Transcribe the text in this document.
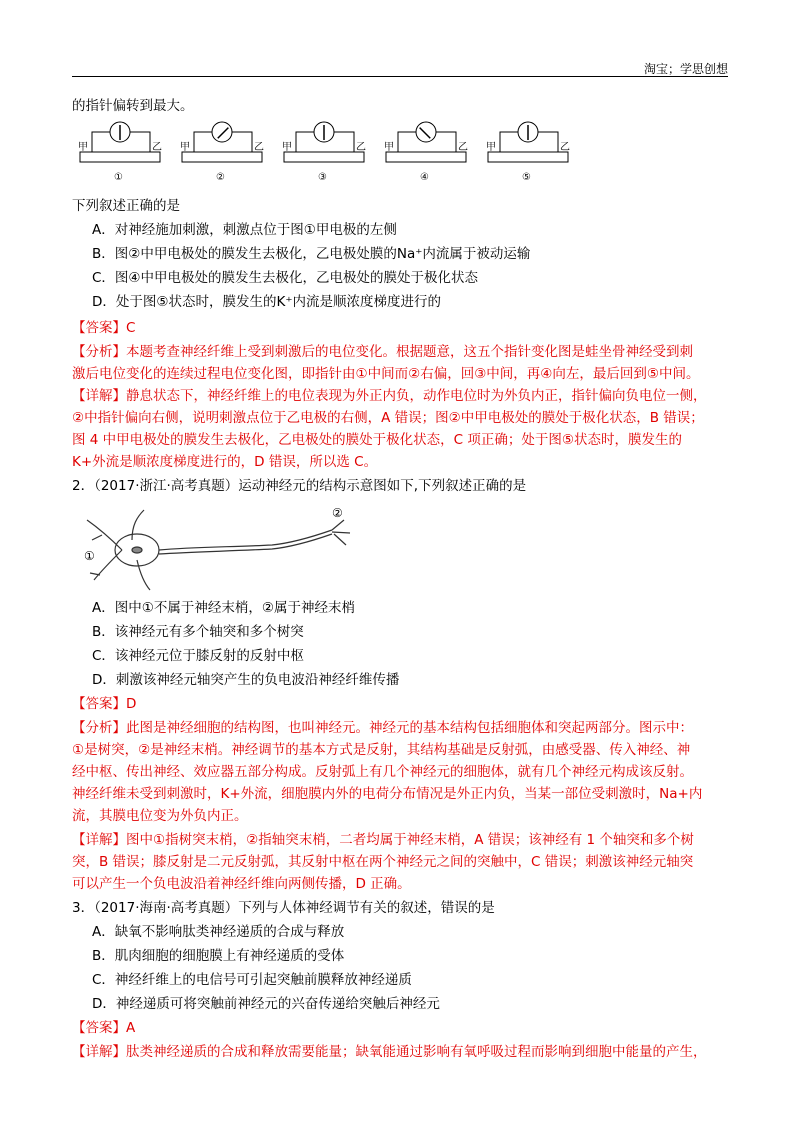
淘宝；学思创想
的指针偏转到最大。
下列叙述正确的是
A．对神经施加刺激，刺激点位于图①甲电极的左侧
B．图②中甲电极处的膜发生去极化，乙电极处膜的Na⁺内流属于被动运输
C．图④中甲电极处的膜发生去极化，乙电极处的膜处于极化状态
D．处于图⑤状态时，膜发生的K⁺内流是顺浓度梯度进行的
【答案】C
【分析】本题考查神经纤维上受到刺激后的电位变化。根据题意，这五个指针变化图是蛙坐骨神经受到刺
激后电位变化的连续过程电位变化图，即指针由①中间而②右偏，回③中间，再④向左，最后回到⑤中间。
【详解】静息状态下，神经纤维上的电位表现为外正内负，动作电位时为外负内正，指针偏向负电位一侧，
②中指针偏向右侧，说明刺激点位于乙电极的右侧，A 错误；图②中甲电极处的膜处于极化状态，B 错误；
图 4 中甲电极处的膜发生去极化，乙电极处的膜处于极化状态，C 项正确；处于图⑤状态时，膜发生的
K+外流是顺浓度梯度进行的，D 错误，所以选 C。
2．（2017·浙江·高考真题）运动神经元的结构示意图如下,下列叙述正确的是
A．图中①不属于神经末梢，②属于神经末梢
B．该神经元有多个轴突和多个树突
C．该神经元位于膝反射的反射中枢
D．刺激该神经元轴突产生的负电波沿神经纤维传播
【答案】D
【分析】此图是神经细胞的结构图，也叫神经元。神经元的基本结构包括细胞体和突起两部分。图示中：
①是树突，②是神经末梢。神经调节的基本方式是反射，其结构基础是反射弧，由感受器、传入神经、神
经中枢、传出神经、效应器五部分构成。反射弧上有几个神经元的细胞体，就有几个神经元构成该反射。
神经纤维未受到刺激时，K+外流，细胞膜内外的电荷分布情况是外正内负，当某一部位受刺激时，Na+内
流，其膜电位变为外负内正。
【详解】图中①指树突末梢，②指轴突末梢，二者均属于神经末梢，A 错误；该神经有 1 个轴突和多个树
突，B 错误；膝反射是二元反射弧，其反射中枢在两个神经元之间的突触中，C 错误；刺激该神经元轴突
可以产生一个负电波沿着神经纤维向两侧传播，D 正确。
3．（2017·海南·高考真题）下列与人体神经调节有关的叙述，错误的是
A．缺氧不影响肽类神经递质的合成与释放
B．肌肉细胞的细胞膜上有神经递质的受体
C．神经纤维上的电信号可引起突触前膜释放神经递质
D．神经递质可将突触前神经元的兴奋传递给突触后神经元
【答案】A
【详解】肽类神经递质的合成和释放需要能量；缺氧能通过影响有氧呼吸过程而影响到细胞中能量的产生，
甲	乙
①
甲	乙
②
甲	乙
③
甲	乙
④
甲	乙
⑤
①
②
